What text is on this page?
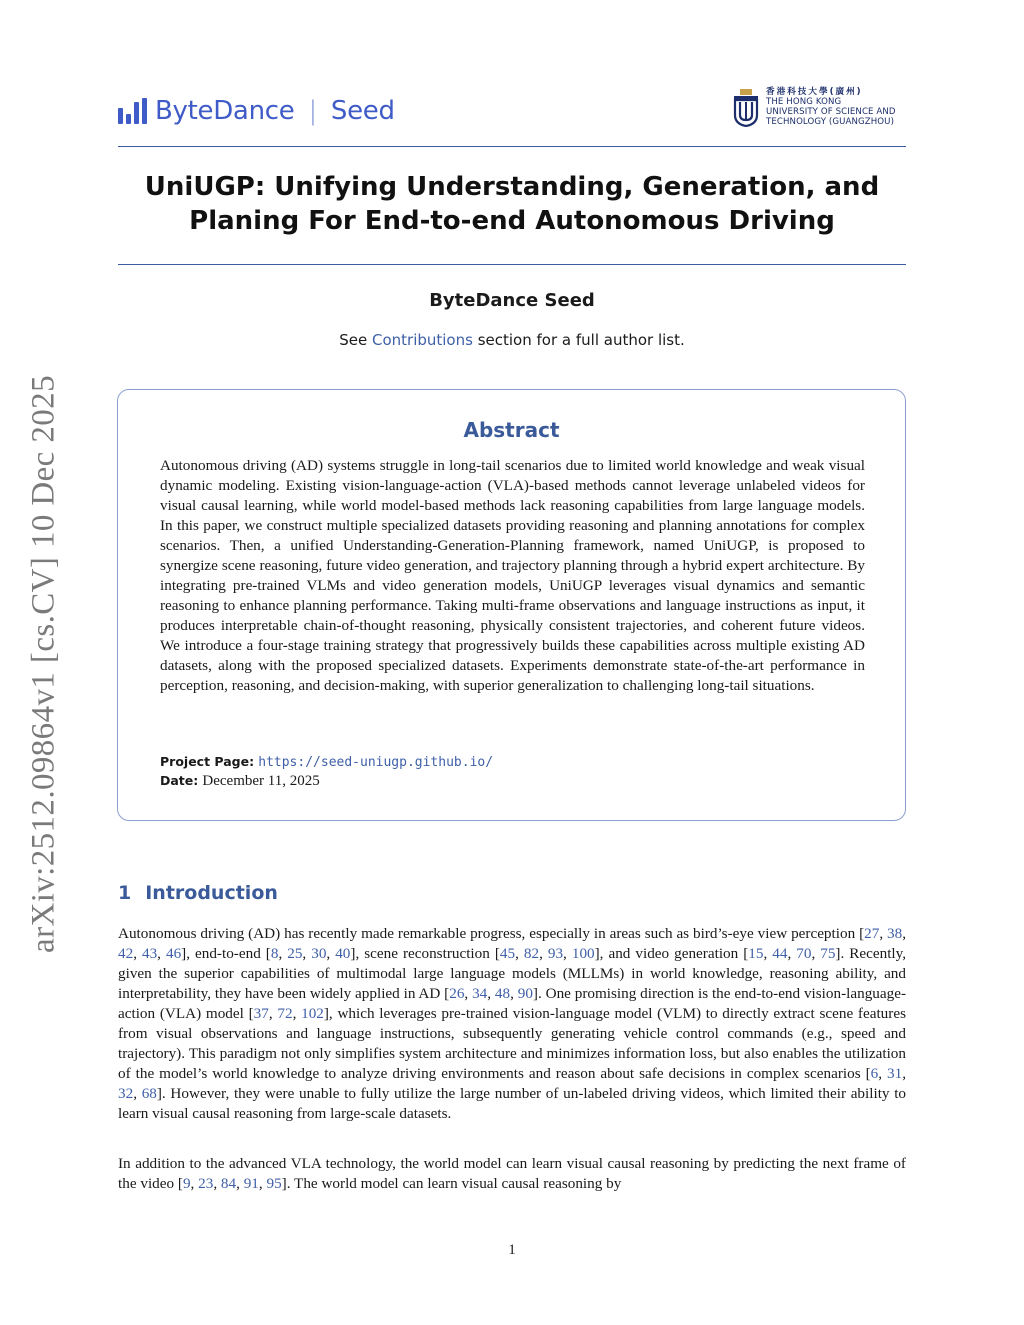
ByteDance | Seed
香港科技大學(廣州)
THE HONG KONG
UNIVERSITY OF SCIENCE AND
TECHNOLOGY (GUANGZHOU)
UniUGP: Unifying Understanding, Generation, and
Planing For End-to-end Autonomous Driving
ByteDance Seed
See Contributions section for a full author list.
arXiv:2512.09864v1 [cs.CV] 10 Dec 2025	Abstract
Autonomous driving (AD) systems struggle in long-tail scenarios due to limited world knowledge and weak visual dynamic modeling. Existing vision-language-action (VLA)-based methods cannot leverage unlabeled videos for visual causal learning, while world model-based methods lack reasoning capabilities from large language models. In this paper, we construct multiple specialized datasets providing reasoning and planning annotations for complex scenarios. Then, a unified Understanding-Generation-Planning framework, named UniUGP, is proposed to synergize scene reasoning, future video generation, and trajectory planning through a hybrid expert architecture. By integrating pre-trained VLMs and video generation models, UniUGP leverages visual dynamics and semantic reasoning to enhance planning performance. Taking multi-frame observations and language instructions as input, it produces interpretable chain-of-thought reasoning, physically consistent trajectories, and coherent future videos. We introduce a four-stage training strategy that progressively builds these capabilities across multiple existing AD datasets, along with the proposed specialized datasets. Experiments demonstrate state-of-the-art performance in perception, reasoning, and decision-making, with superior generalization to challenging long-tail situations.
Project Page: https://seed-uniugp.github.io/
Date: December 11, 2025
1 Introduction
Autonomous driving (AD) has recently made remarkable progress, especially in areas such as bird’s-eye view perception [27, 38, 42, 43, 46], end-to-end [8, 25, 30, 40], scene reconstruction [45, 82, 93, 100], and video generation [15, 44, 70, 75]. Recently, given the superior capabilities of multimodal large language models (MLLMs) in world knowledge, reasoning ability, and interpretability, they have been widely applied in AD [26, 34, 48, 90]. One promising direction is the end-to-end vision-language-action (VLA) model [37, 72, 102], which leverages pre-trained vision-language model (VLM) to directly extract scene features from visual observations and language instructions, subsequently generating vehicle control commands (e.g., speed and trajectory). This paradigm not only simplifies system architecture and minimizes information loss, but also enables the utilization of the model’s world knowledge to analyze driving environments and reason about safe decisions in complex scenarios [6, 31, 32, 68]. However, they were unable to fully utilize the large number of un-labeled driving videos, which limited their ability to learn visual causal reasoning from large-scale datasets.
In addition to the advanced VLA technology, the world model can learn visual causal reasoning by predicting the next frame of the video [9, 23, 84, 91, 95]. The world model can learn visual causal reasoning by
1
